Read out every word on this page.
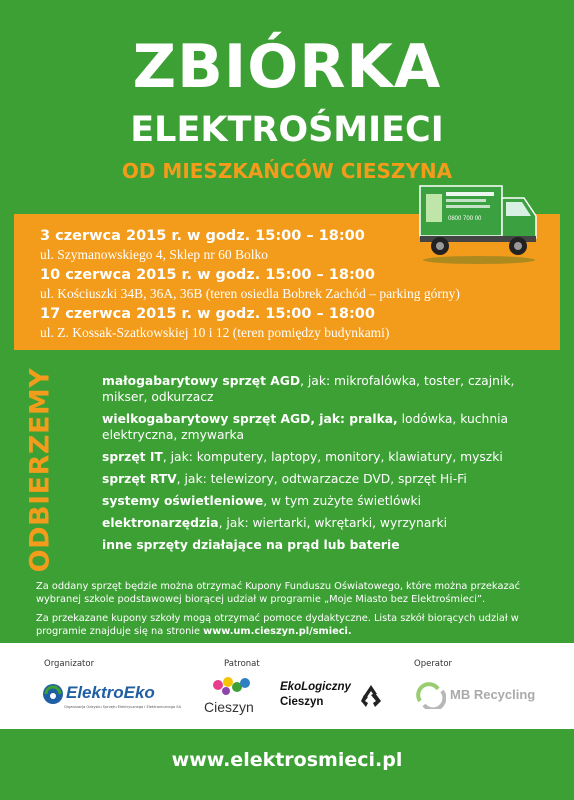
ZBIÓRKA
ELEKTROŚMIECI
OD MIESZKAŃCÓW CIESZYNA
3 czerwca 2015 r. w godz. 15:00 – 18:00
ul. Szymanowskiego 4, Sklep nr 60 Bolko
10 czerwca 2015 r. w godz. 15:00 – 18:00
ul. Kościuszki 34B, 36A, 36B (teren osiedla Bobrek Zachód – parking górny)
17 czerwca 2015 r. w godz. 15:00 – 18:00
ul. Z. Kossak-Szatkowskiej 10 i 12 (teren pomiędzy budynkami)
0800 700 00
ODBIERZEMY	małogabarytowy sprzęt AGD, jak: mikrofalówka, toster, czajnik, mikser, odkurzacz
wielkogabarytowy sprzęt AGD, jak: pralka, lodówka, kuchnia elektryczna, zmywarka
sprzęt IT, jak: komputery, laptopy, monitory, klawiatury, myszki
sprzęt RTV, jak: telewizory, odtwarzacze DVD, sprzęt Hi-Fi
systemy oświetleniowe, w tym zużyte świetlówki
elektronarzędzia, jak: wiertarki, wkrętarki, wyrzynarki
inne sprzęty działające na prąd lub baterie
Za oddany sprzęt będzie można otrzymać Kupony Funduszu Oświatowego, które można przekazać wybranej szkole podstawowej biorącej udział w programie „Moje Miasto bez Elektrośmieci”.
Za przekazane kupony szkoły mogą otrzymać pomoce dydaktyczne. Lista szkół biorących udział w programie znajduje się na stronie www.um.cieszyn.pl/smieci.
Organizator	Patronat	Operator
ElektroEko
Organizacja Odzysku Sprzętu Elektrycznego i Elektronicznego SA Cieszyn
EkoLogiczny
Cieszyn	MB Recycling
www.elektrosmieci.pl
